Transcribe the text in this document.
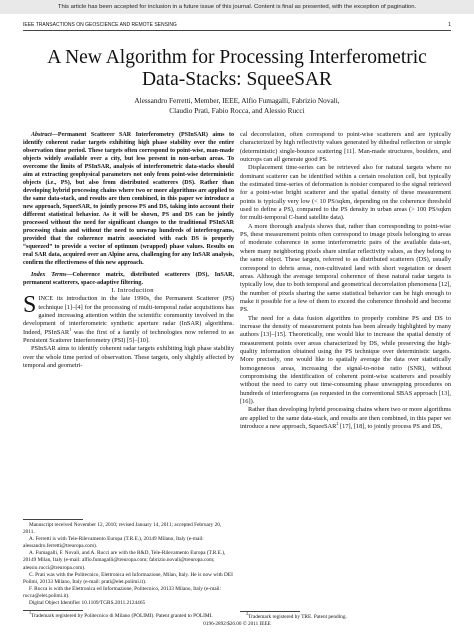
This article has been accepted for inclusion in a future issue of this journal. Content is final as presented, with the exception of pagination.
IEEE TRANSACTIONS ON GEOSCIENCE AND REMOTE SENSING	1
A New Algorithm for Processing Interferometric
Data-Stacks: SqueeSAR
Alessandro Ferretti, Member, IEEE, Alfio Fumagalli, Fabrizio Novali,
Claudio Prati, Fabio Rocca, and Alessio Rucci

Abstract—Permanent Scatterer SAR Interferometry (PSInSAR) aims to identify coherent radar targets exhibiting high phase stability over the entire observation time period. These targets often correspond to point-wise, man-made objects widely available over a city, but less present in non-urban areas. To overcome the limits of PSInSAR, analysis of interferometric data-stacks should aim at extracting geophysical parameters not only from point-wise deterministic objects (i.e., PS), but also from distributed scatterers (DS). Rather than developing hybrid processing chains where two or more algorithms are applied to the same data-stack, and results are then combined, in this paper we introduce a new approach, SqueeSAR, to jointly process PS and DS, taking into account their different statistical behavior. As it will be shown, PS and DS can be jointly processed without the need for significant changes to the traditional PSInSAR processing chain and without the need to unwrap hundreds of interferograms, provided that the coherence matrix associated with each DS is properly “squeezed” to provide a vector of optimum (wrapped) phase values. Results on real SAR data, acquired over an Alpine area, challenging for any InSAR analysis, confirm the effectiveness of this new approach.

Index Terms—Coherence matrix, distributed scatterers (DS), InSAR, permanent scatterers, space-adaptive filtering.

I. Introduction

SINCE its introduction in the late 1990s, the Permanent Scatterer (PS) technique [1]–[4] for the processing of multi-temporal radar acquisitions has gained increasing attention within the scientific community involved in the development of interferometric synthetic aperture radar (InSAR) algorithms. Indeed, PSInSAR$^1$ was the first of a family of technologies now referred to as Persistent Scatterer Interferometry (PSI) [5]–[10].

PSInSAR aims to identify coherent radar targets exhibiting high phase stability over the whole time period of observation. These targets, only slightly affected by temporal and geometri-

Manuscript received November 12, 2010; revised January 14, 2011; accepted February 20, 2011.
A. Ferretti is with Tele-Rilevamento Europa (T.R.E.), 20149 Milano, Italy (e-mail: alessandro.ferretti@treuropa.com).
A. Fumagalli, F. Novali, and A. Rucci are with the R&D, Tele-Rilevamento Europa (T.R.E.), 20149 Milan, Italy (e-mail: alfio.fumagalli@treuropa.com; fabrizio.novali@treuropa.com; alessio.rucci@treuropa.com).
C. Prati was with the Politecnico, Elettronica ed Informazione, Milan, Italy. He is now with DEI Polimi, 20133 Milano, Italy (e-mail: prati@elet.polimi.it).
F. Rocca is with the Elettronica ed Informazione, Politecnico, 20133 Milano, Italy (e-mail: rocca@elet.polimi.it).
Digital Object Identifier 10.1109/TGRS.2011.2124465
$^1$Trademark registered by Politecnico di Milano (POLIMI). Patent granted to POLIMI.

cal decorrelation, often correspond to point-wise scatterers and are typically characterized by high reflectivity values generated by dihedral reflection or simple (deterministic) single-bounce scattering [11]. Man-made structures, boulders, and outcrops can all generate good PS.

Displacement time-series can be retrieved also for natural targets where no dominant scatterer can be identified within a certain resolution cell, but typically the estimated time-series of deformation is noisier compared to the signal retrieved for a point-wise bright scatterer and the spatial density of these measurement points is typically very low (< 10 PS/sqkm, depending on the coherence threshold used to define a PS), compared to the PS density in urban areas (> 100 PS/sqkm for multi-temporal C-band satellite data).

A more thorough analysis shows that, rather than corresponding to point-wise PS, these measurement points often correspond to image pixels belonging to areas of moderate coherence in some interferometric pairs of the available data-set, where many neighboring pixels share similar reflectivity values, as they belong to the same object. These targets, referred to as distributed scatterers (DS), usually correspond to debris areas, non-cultivated land with short vegetation or desert areas. Although the average temporal coherence of these natural radar targets is typically low, due to both temporal and geometrical decorrelation phenomena [12], the number of pixels sharing the same statistical behavior can be high enough to make it possible for a few of them to exceed the coherence threshold and become PS.

The need for a data fusion algorithm to properly combine PS and DS to increase the density of measurement points has been already highlighted by many authors [13]–[15]. Theoretically, one would like to increase the spatial density of measurement points over areas characterized by DS, while preserving the high-quality information obtained using the PS technique over deterministic targets. More precisely, one would like to spatially average the data over statistically homogeneous areas, increasing the signal-to-noise ratio (SNR), without compromising the identification of coherent point-wise scatterers and possibly without the need to carry out time-consuming phase unwrapping procedures on hundreds of interferograms (as requested in the conventional SBAS approach [13], [16]).

Rather than developing hybrid processing chains where two or more algorithms are applied to the same data-stack, and results are then combined, in this paper we introduce a new approach, SqueeSAR$^2$ [17], [18], to jointly process PS and DS,

$^2$Trademark registered by TRE. Patent pending.
0196-2892/$26.00 © 2011 IEEE
